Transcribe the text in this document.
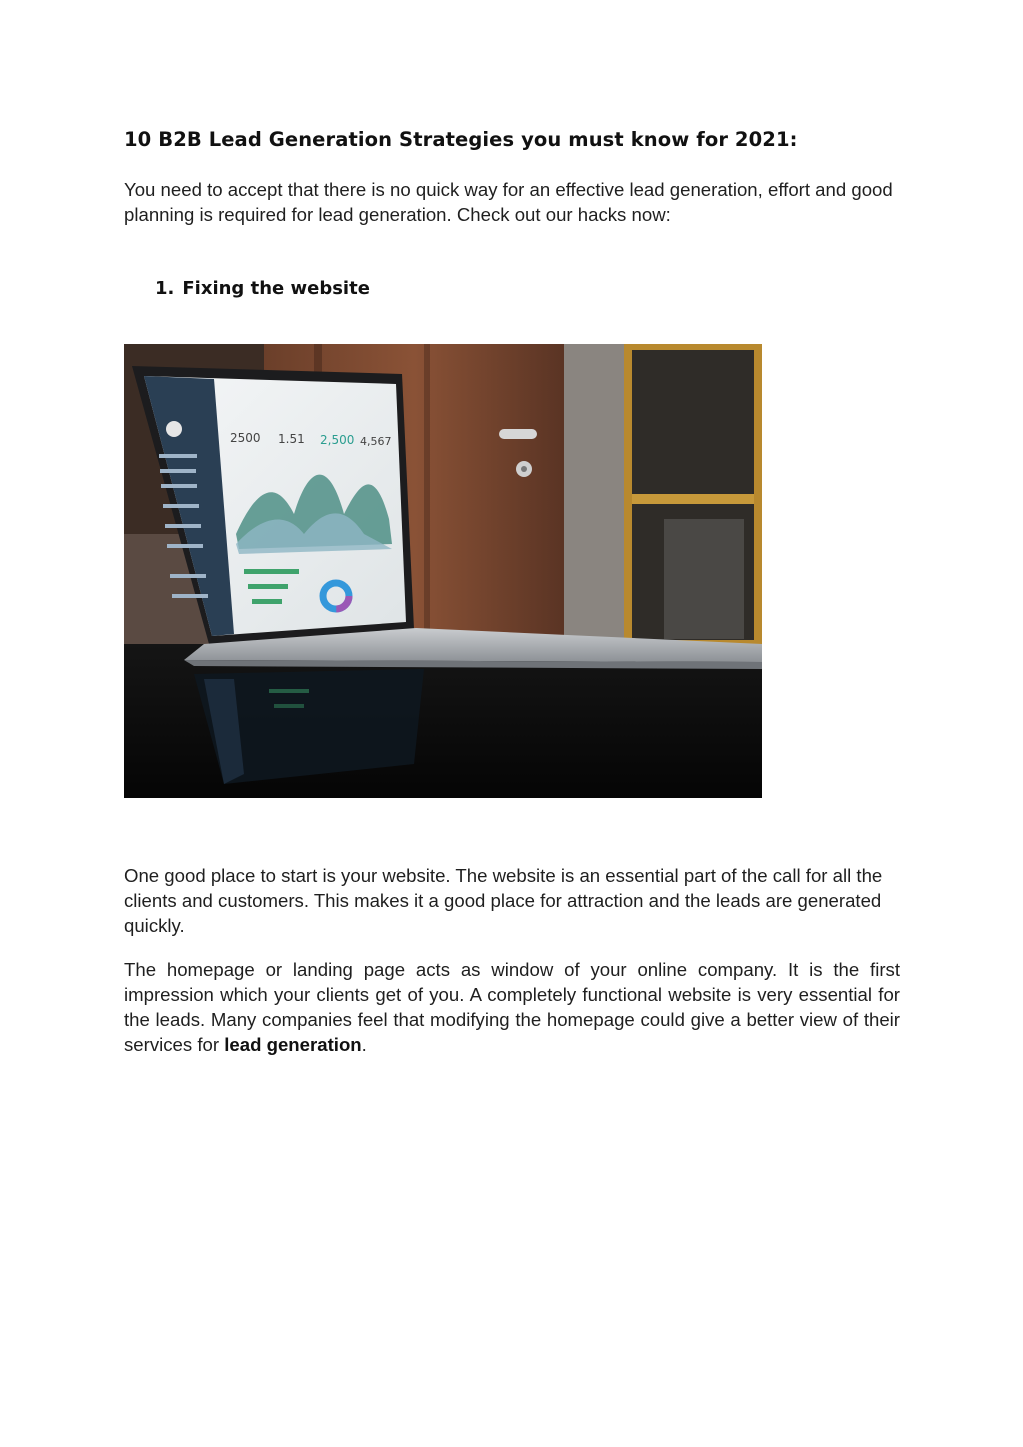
10 B2B Lead Generation Strategies you must know for 2021:

You need to accept that there is no quick way for an effective lead generation, effort and good planning is required for lead generation. Check out our hacks now:

1. Fixing the website
2500 1.51 2,500 4,567

One good place to start is your website. The website is an essential part of the call for all the clients and customers. This makes it a good place for attraction and the leads are generated quickly.

The homepage or landing page acts as window of your online company. It is the first impression which your clients get of you. A completely functional website is very essential for the leads. Many companies feel that modifying the homepage could give a better view of their services for lead generation.
